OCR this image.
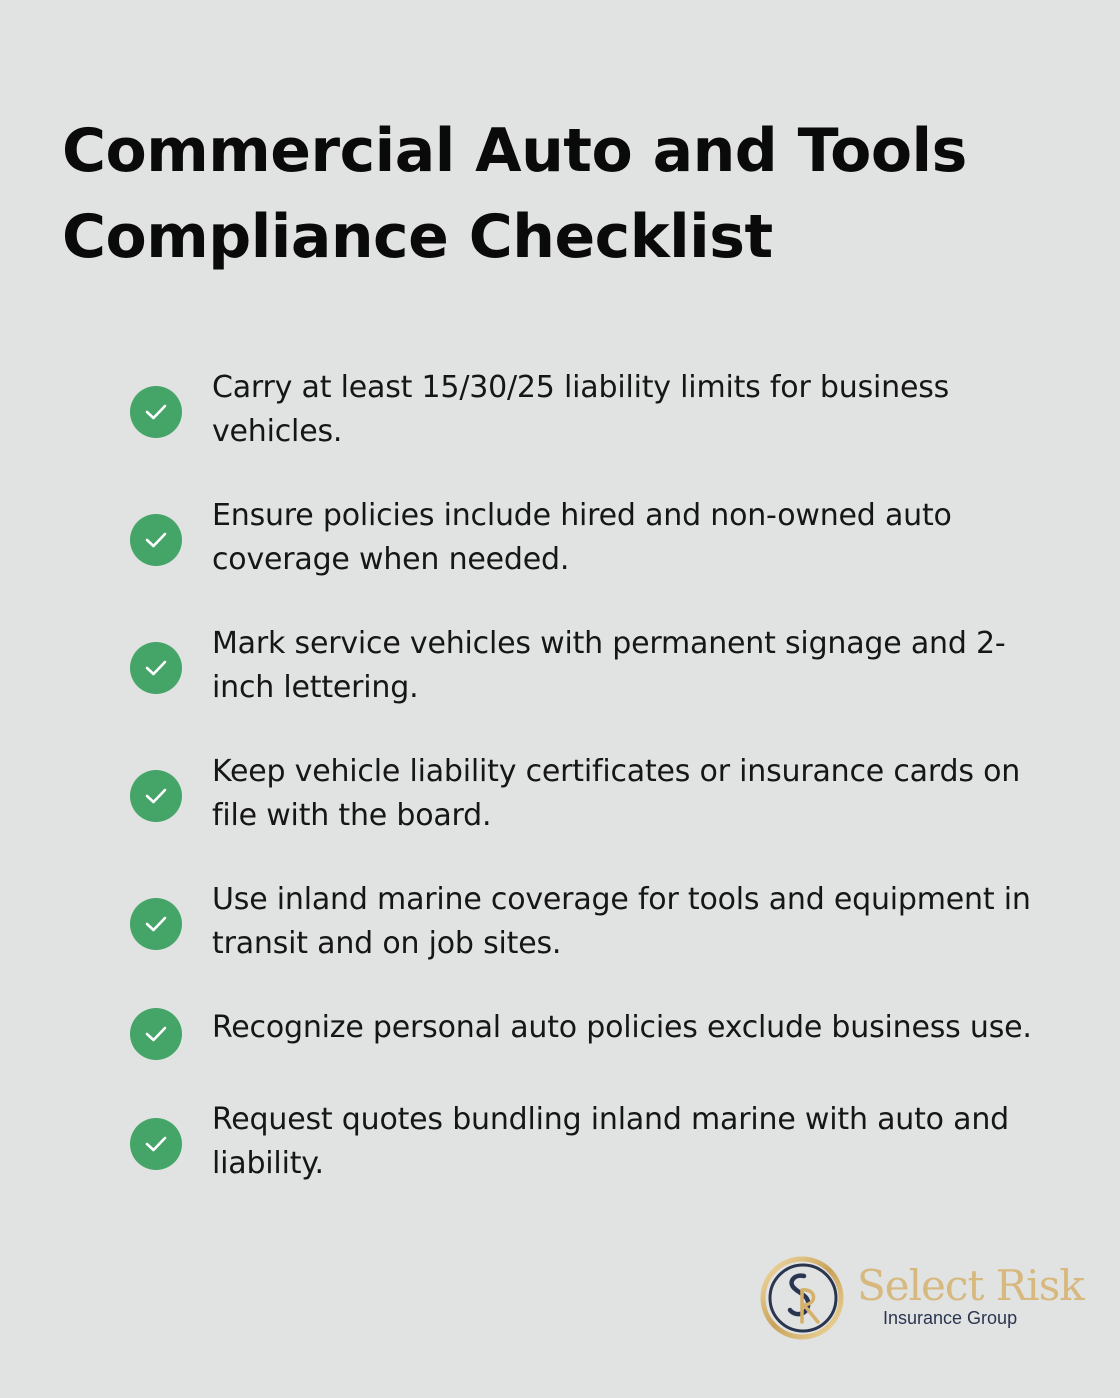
Commercial Auto and Tools Compliance Checklist
Carry at least 15/30/25 liability limits for business vehicles.
Ensure policies include hired and non-owned auto coverage when needed.
Mark service vehicles with permanent signage and 2-inch lettering.
Keep vehicle liability certificates or insurance cards on file with the board.
Use inland marine coverage for tools and equipment in transit and on job sites.
Recognize personal auto policies exclude business use.
Request quotes bundling inland marine with auto and liability.
Select Risk
Insurance Group
